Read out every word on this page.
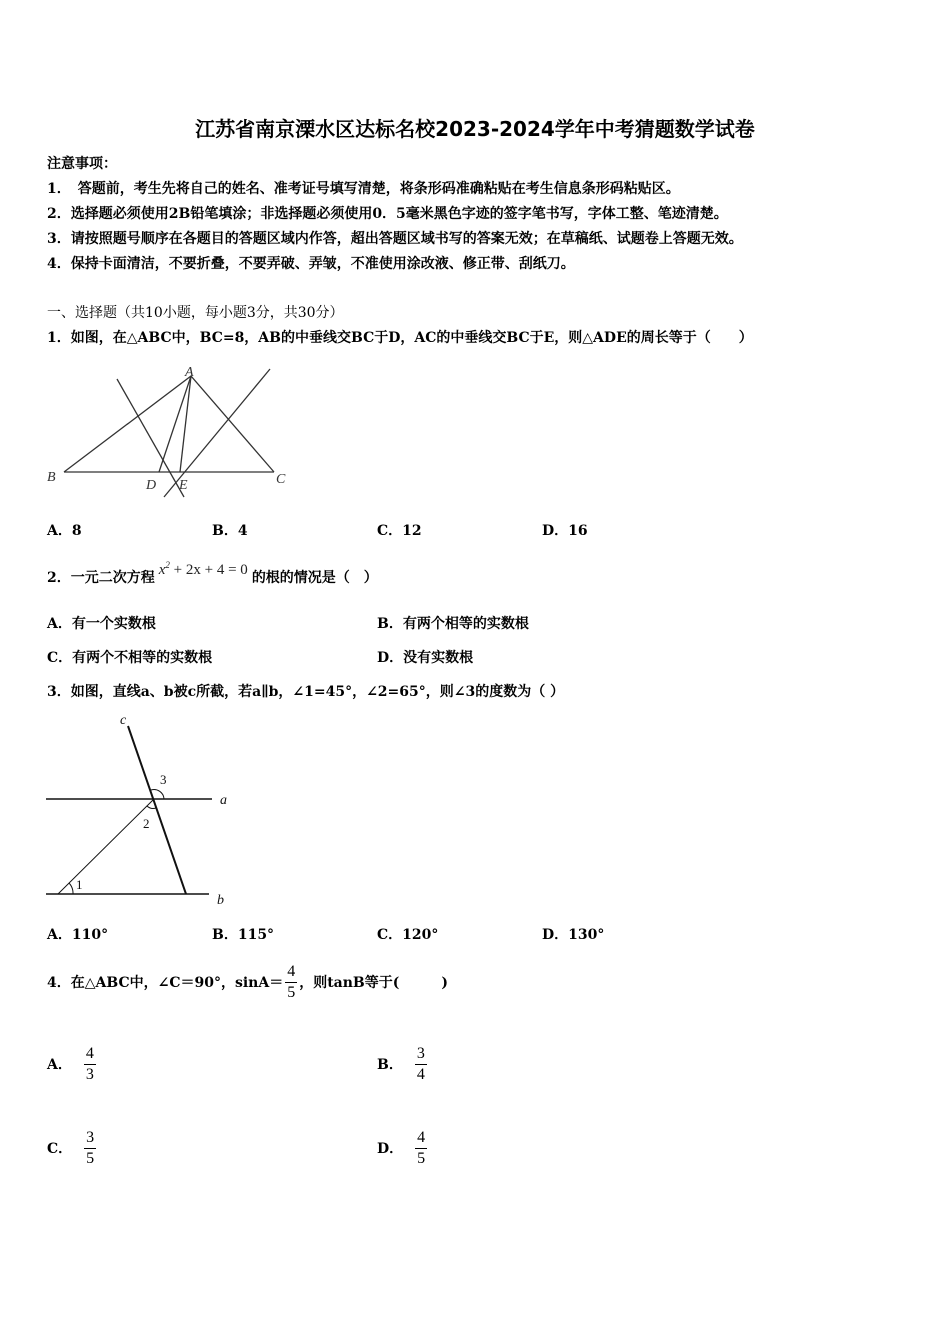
江苏省南京溧水区达标名校2023-2024学年中考猜题数学试卷
注意事项：
1．　答题前，考生先将自己的姓名、准考证号填写清楚，将条形码准确粘贴在考生信息条形码粘贴区。
2．选择题必须使用2B铅笔填涂；非选择题必须使用0．5毫米黑色字迹的签字笔书写，字体工整、笔迹清楚。
3．请按照题号顺序在各题目的答题区域内作答，超出答题区域书写的答案无效；在草稿纸、试题卷上答题无效。
4．保持卡面清洁，不要折叠，不要弄破、弄皱，不准使用涂改液、修正带、刮纸刀。
一、选择题（共10小题，每小题3分，共30分）
1．如图，在△ABC中，BC=8，AB的中垂线交BC于D，AC的中垂线交BC于E，则△ADE的周长等于（　　）
A
B	C
D E
A．8	B．4	C．12	D．16
2．一元二次方程 $x^2 + 2x + 4 = 0$ 的根的情况是（　）
A．有一个实数根	B．有两个相等的实数根
C．有两个不相等的实数根	D．没有实数根
3．如图，直线a、b被c所截，若a∥b，∠1=45°，∠2=65°，则∠3的度数为（ ）
c
a
b
1
2
3
A．110°	B．115°	C．120°	D．130°
4．在△ABC中，∠C＝90°，$\sin A= \frac{4}{5}$ ，则tanB等于(　　　)
A． $\frac{4}{3}$	B． $\frac{3}{4}$
C． $\frac{3}{5}$	D． $\frac{4}{5}$
